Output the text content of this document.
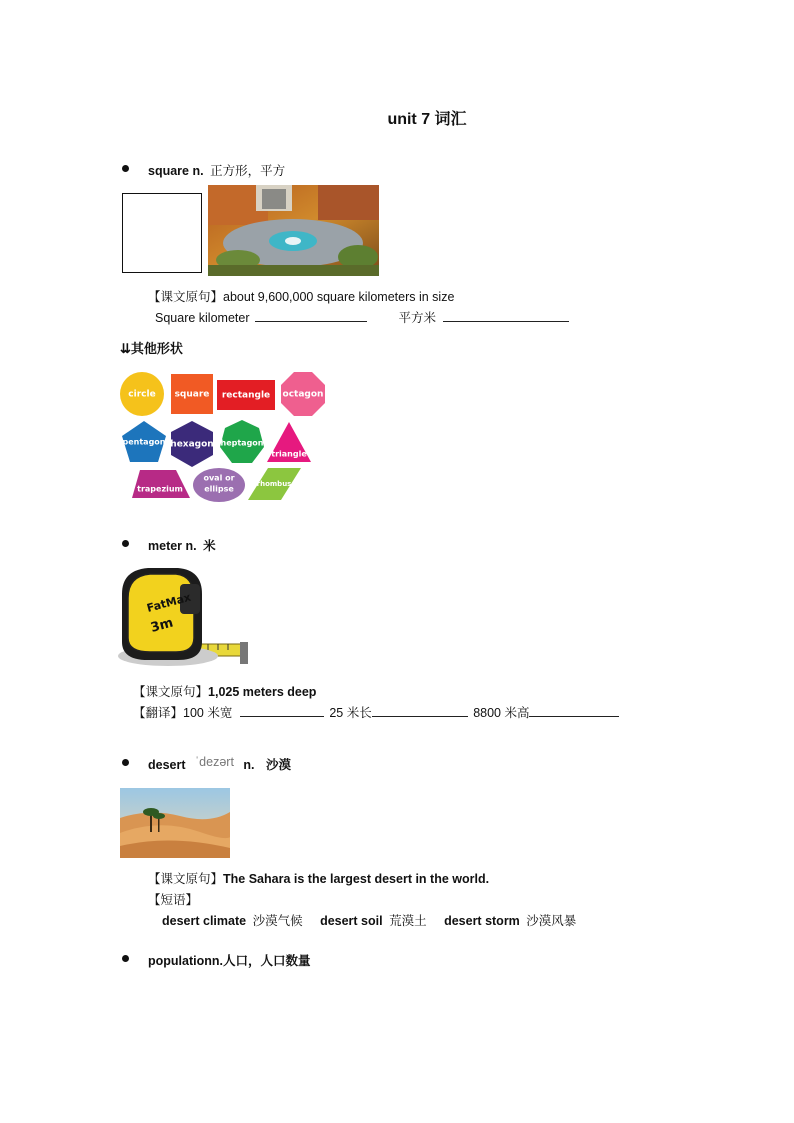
unit 7 词汇
square n. 正方形，平方
【课文原句】about 9,600,000 square kilometers in size
Square kilometer	平方米
⇊其他形状
circle square rectangle octagon
pentagon hexagon heptagon
triangle
trapezium
oval or
ellipse
rhombus
meter n. 米
FatMax
3m
【课文原句】1,025 meters deep
【翻译】100 米宽	25 米长	8800 米高
desert ˈdezərt n. 沙漠
【课文原句】The Sahara is the largest desert in the world.
【短语】
desert climate 沙漠气候 desert soil 荒漠土 desert storm 沙漠风暴
populationn.人口，人口数量
